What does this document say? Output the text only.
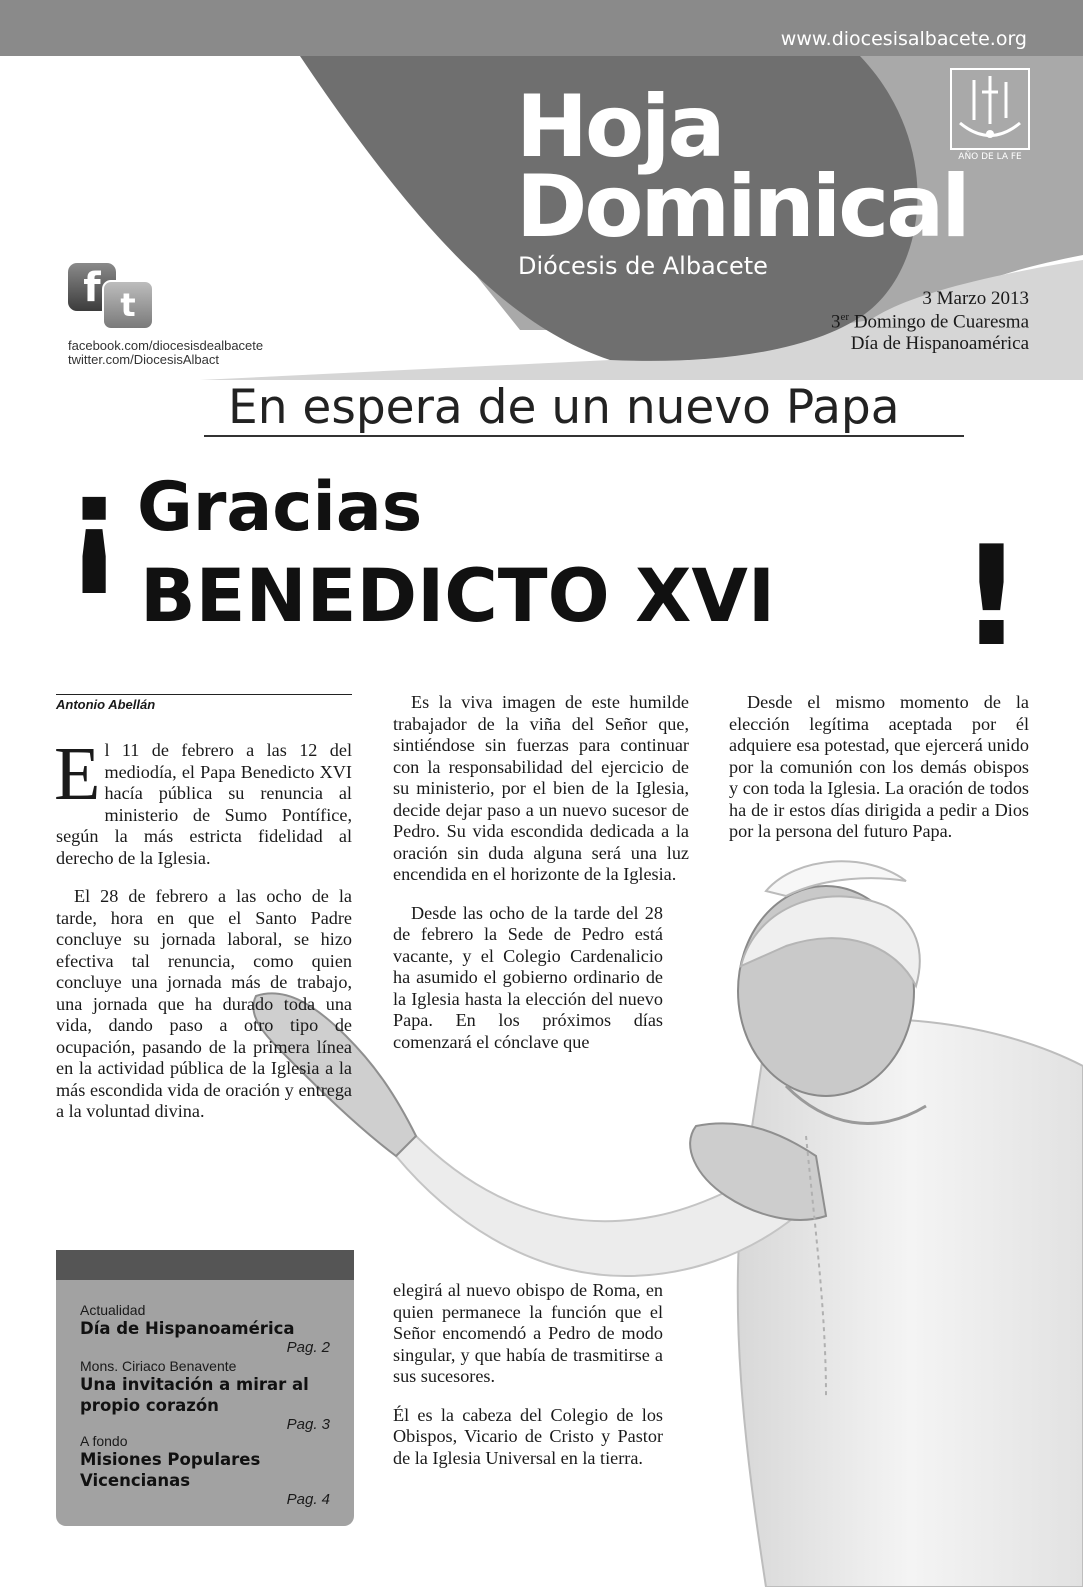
www.diocesisalbacete.org
Hoja
Dominical
Diócesis de Albacete
AÑO DE LA FE
3 Marzo 2013
3er Domingo de Cuaresma
Día de Hispanoamérica
f t
facebook.com/diocesisdealbacete
twitter.com/DiocesisAlbact
En espera de un nuevo Papa
¡ Gracias
BENEDICTO XVI !
Antonio Abellán

El 11 de febrero a las 12 del mediodía, el Papa Benedicto XVI hacía pública su renuncia al ministerio de Sumo Pontífice, según la más estricta fidelidad al derecho de la Iglesia.

El 28 de febrero a las ocho de la tarde, hora en que el Santo Padre concluye su jornada laboral, se hizo efectiva tal renuncia, como quien concluye una jornada más de trabajo, una jornada que ha durado toda una vida, dando paso a otro tipo de ocupación, pasando de la primera línea en la actividad pública de la Iglesia a la más escondida vida de oración y entrega a la voluntad divina.

Es la viva imagen de este humilde trabajador de la viña del Señor que, sintiéndose sin fuerzas para continuar con la responsabilidad del ejercicio de su ministerio, por el bien de la Iglesia, decide dejar paso a un nuevo sucesor de Pedro. Su vida escondida dedicada a la oración sin duda alguna será una luz encendida en el horizonte de la Iglesia.

Desde las ocho de la tarde del 28 de febrero la Sede de Pedro está vacante, y el Colegio Cardenalicio ha asumido el gobierno ordinario de la Iglesia hasta la elección del nuevo Papa. En los próximos días comenzará el cónclave que

Desde el mismo momento de la elección legítima aceptada por él adquiere esa potestad, que ejercerá unido por la comunión con los demás obispos y con toda la Iglesia. La oración de todos ha de ir estos días dirigida a pedir a Dios por la persona del futuro Papa.

elegirá al nuevo obispo de Roma, en quien permanece la función que el Señor encomendó a Pedro de modo singular, y que había de trasmitirse a sus sucesores.

Él es la cabeza del Colegio de los Obispos, Vicario de Cristo y Pastor de la Iglesia Universal en la tierra.

Actualidad
Día de Hispanoamérica
Pag. 2
Mons. Ciriaco Benavente
Una invitación a mirar al propio corazón
Pag. 3
A fondo
Misiones Populares Vicencianas
Pag. 4
